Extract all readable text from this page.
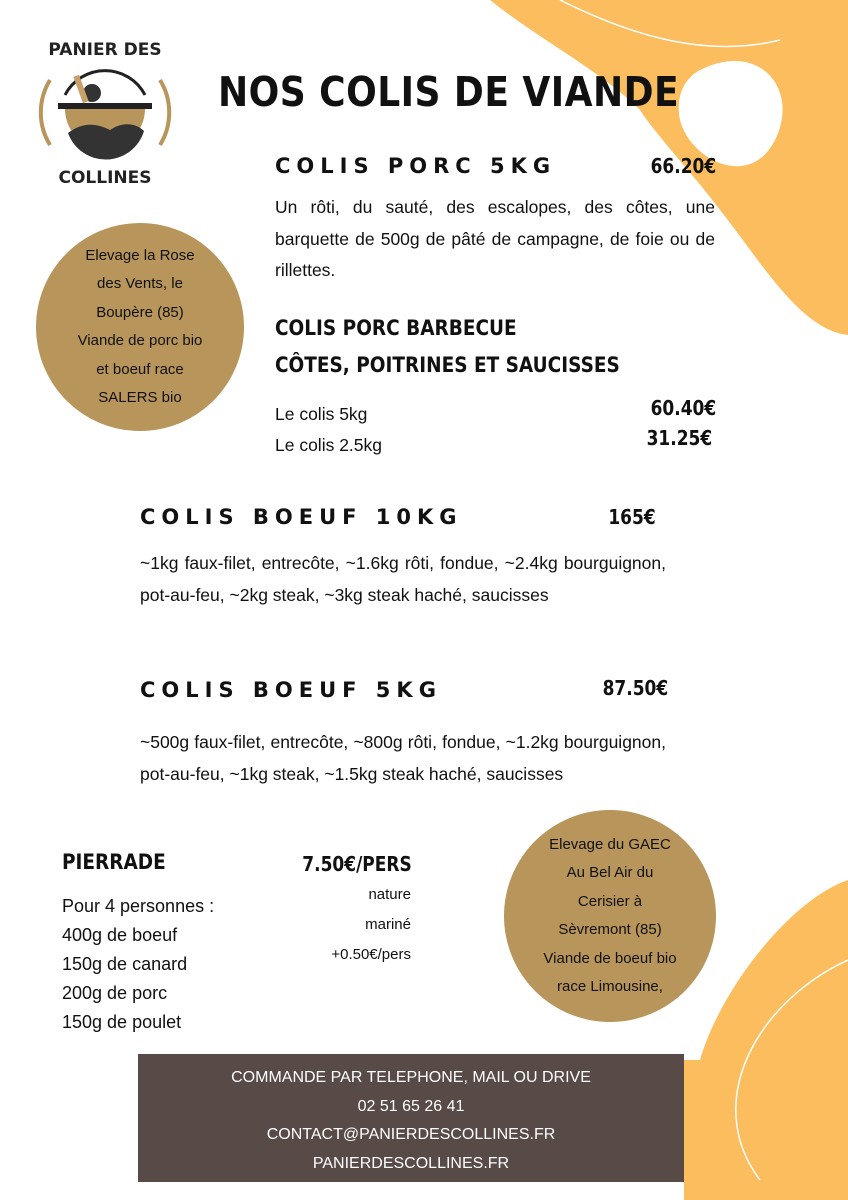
PANIER DES
COLLINES
NOS COLIS DE VIANDE
COLIS PORC 5KG	66.20€
Un rôti, du sauté, des escalopes, des côtes, une barquette de 500g de pâté de campagne, de foie ou de rillettes.
COLIS PORC BARBECUE
CÔTES, POITRINES ET SAUCISSES
Le colis 5kg	60.40€
Le colis 2.5kg	31.25€
Elevage la Rose
des Vents, le
Boupère (85)
Viande de porc bio
et boeuf race
SALERS bio
COLIS BOEUF 10KG	165€
~1kg faux-filet, entrecôte, ~1.6kg rôti, fondue, ~2.4kg bourguignon, pot-au-feu, ~2kg steak, ~3kg steak haché, saucisses
COLIS BOEUF 5KG	87.50€
~500g faux-filet, entrecôte, ~800g rôti, fondue, ~1.2kg bourguignon, pot-au-feu, ~1kg steak, ~1.5kg steak haché, saucisses
PIERRADE	7.50€/PERS
nature
mariné
+0.50€/pers
Pour 4 personnes :
400g de boeuf
150g de canard
200g de porc
150g de poulet
Elevage du GAEC
Au Bel Air du
Cerisier à
Sèvremont (85)
Viande de boeuf bio
race Limousine,
COMMANDE PAR TELEPHONE, MAIL OU DRIVE
02 51 65 26 41
CONTACT@PANIERDESCOLLINES.FR
PANIERDESCOLLINES.FR
